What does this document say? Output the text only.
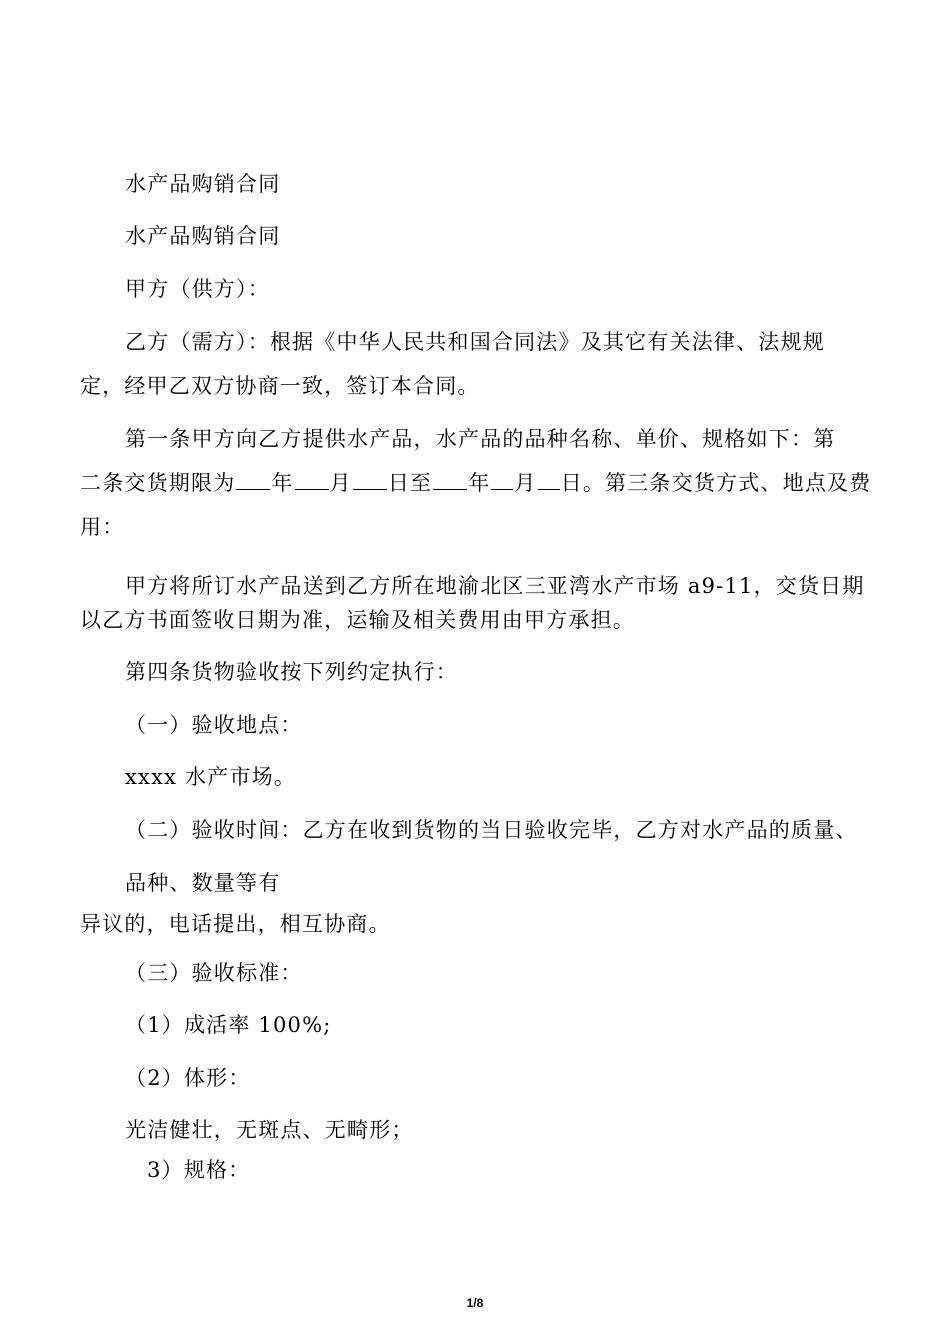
水产品购销合同
水产品购销合同
甲方（供方）：
乙方（需方）：根据《中华人民共和国合同法》及其它有关法律、法规规
定，经甲乙双方协商一致，签订本合同。
第一条甲方向乙方提供水产品，水产品的品种名称、单价、规格如下：第
二条交货期限为 年 月 日至 年 月 日。第三条交货方式、地点及费
用：
甲方将所订水产品送到乙方所在地渝北区三亚湾水产市场 a9-11，交货日期
以乙方书面签收日期为准，运输及相关费用由甲方承担。
第四条货物验收按下列约定执行：
（一）验收地点：
xxxx 水产市场。
（二）验收时间：乙方在收到货物的当日验收完毕，乙方对水产品的质量、
品种、数量等有
异议的，电话提出，相互协商。
（三）验收标准：
（1）成活率 100%;
（2）体形：
光洁健壮，无斑点、无畸形；
3）规格：
1/8
